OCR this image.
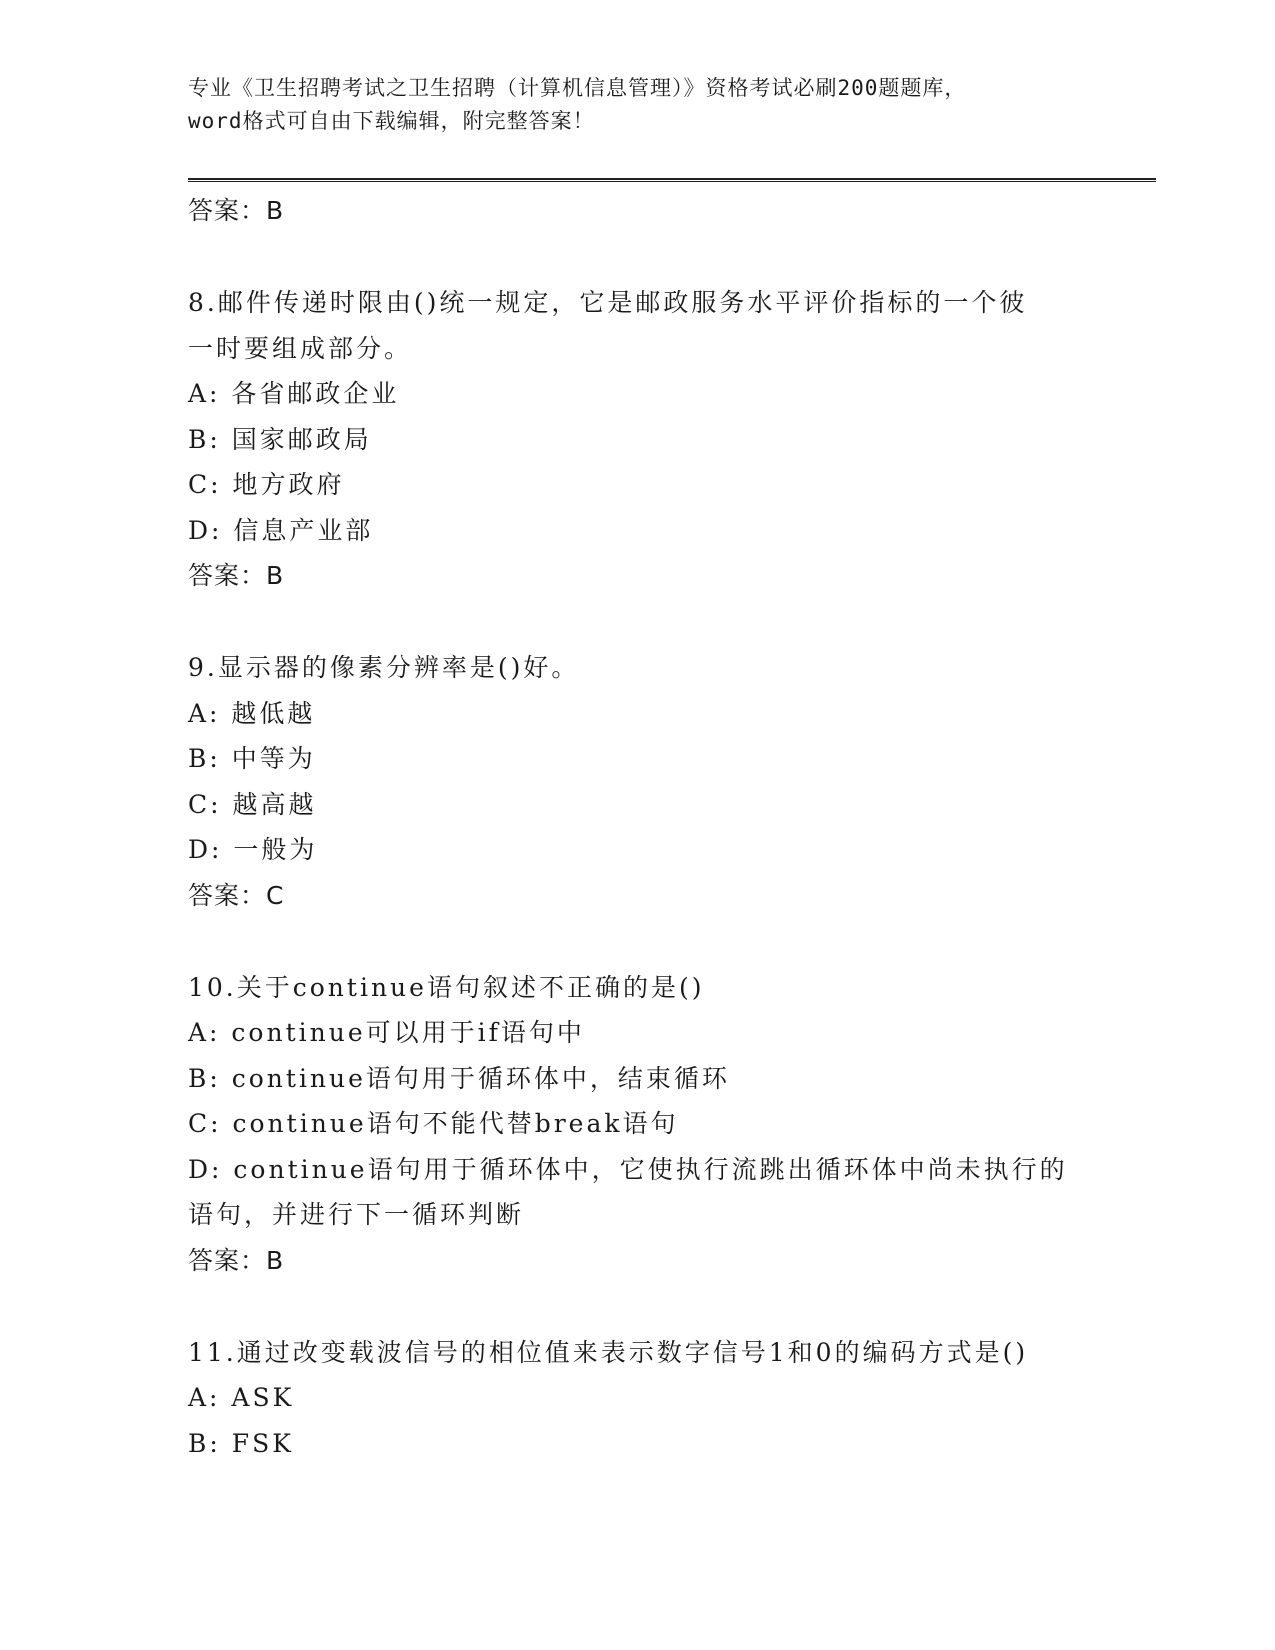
专业《卫生招聘考试之卫生招聘（计算机信息管理）》资格考试必刷200题题库，
word格式可自由下载编辑，附完整答案！
答案：B
8.邮件传递时限由()统一规定，它是邮政服务水平评价指标的一个彼
一时要组成部分。
A: 各省邮政企业
B: 国家邮政局
C: 地方政府
D: 信息产业部
答案：B
9.显示器的像素分辨率是()好。
A: 越低越
B: 中等为
C: 越高越
D: 一般为
答案：C
10.关于continue语句叙述不正确的是()
A: continue可以用于if语句中
B: continue语句用于循环体中，结束循环
C: continue语句不能代替break语句
D: continue语句用于循环体中，它使执行流跳出循环体中尚未执行的
语句，并进行下一循环判断
答案：B
11.通过改变载波信号的相位值来表示数字信号1和0的编码方式是()
A: ASK
B: FSK
